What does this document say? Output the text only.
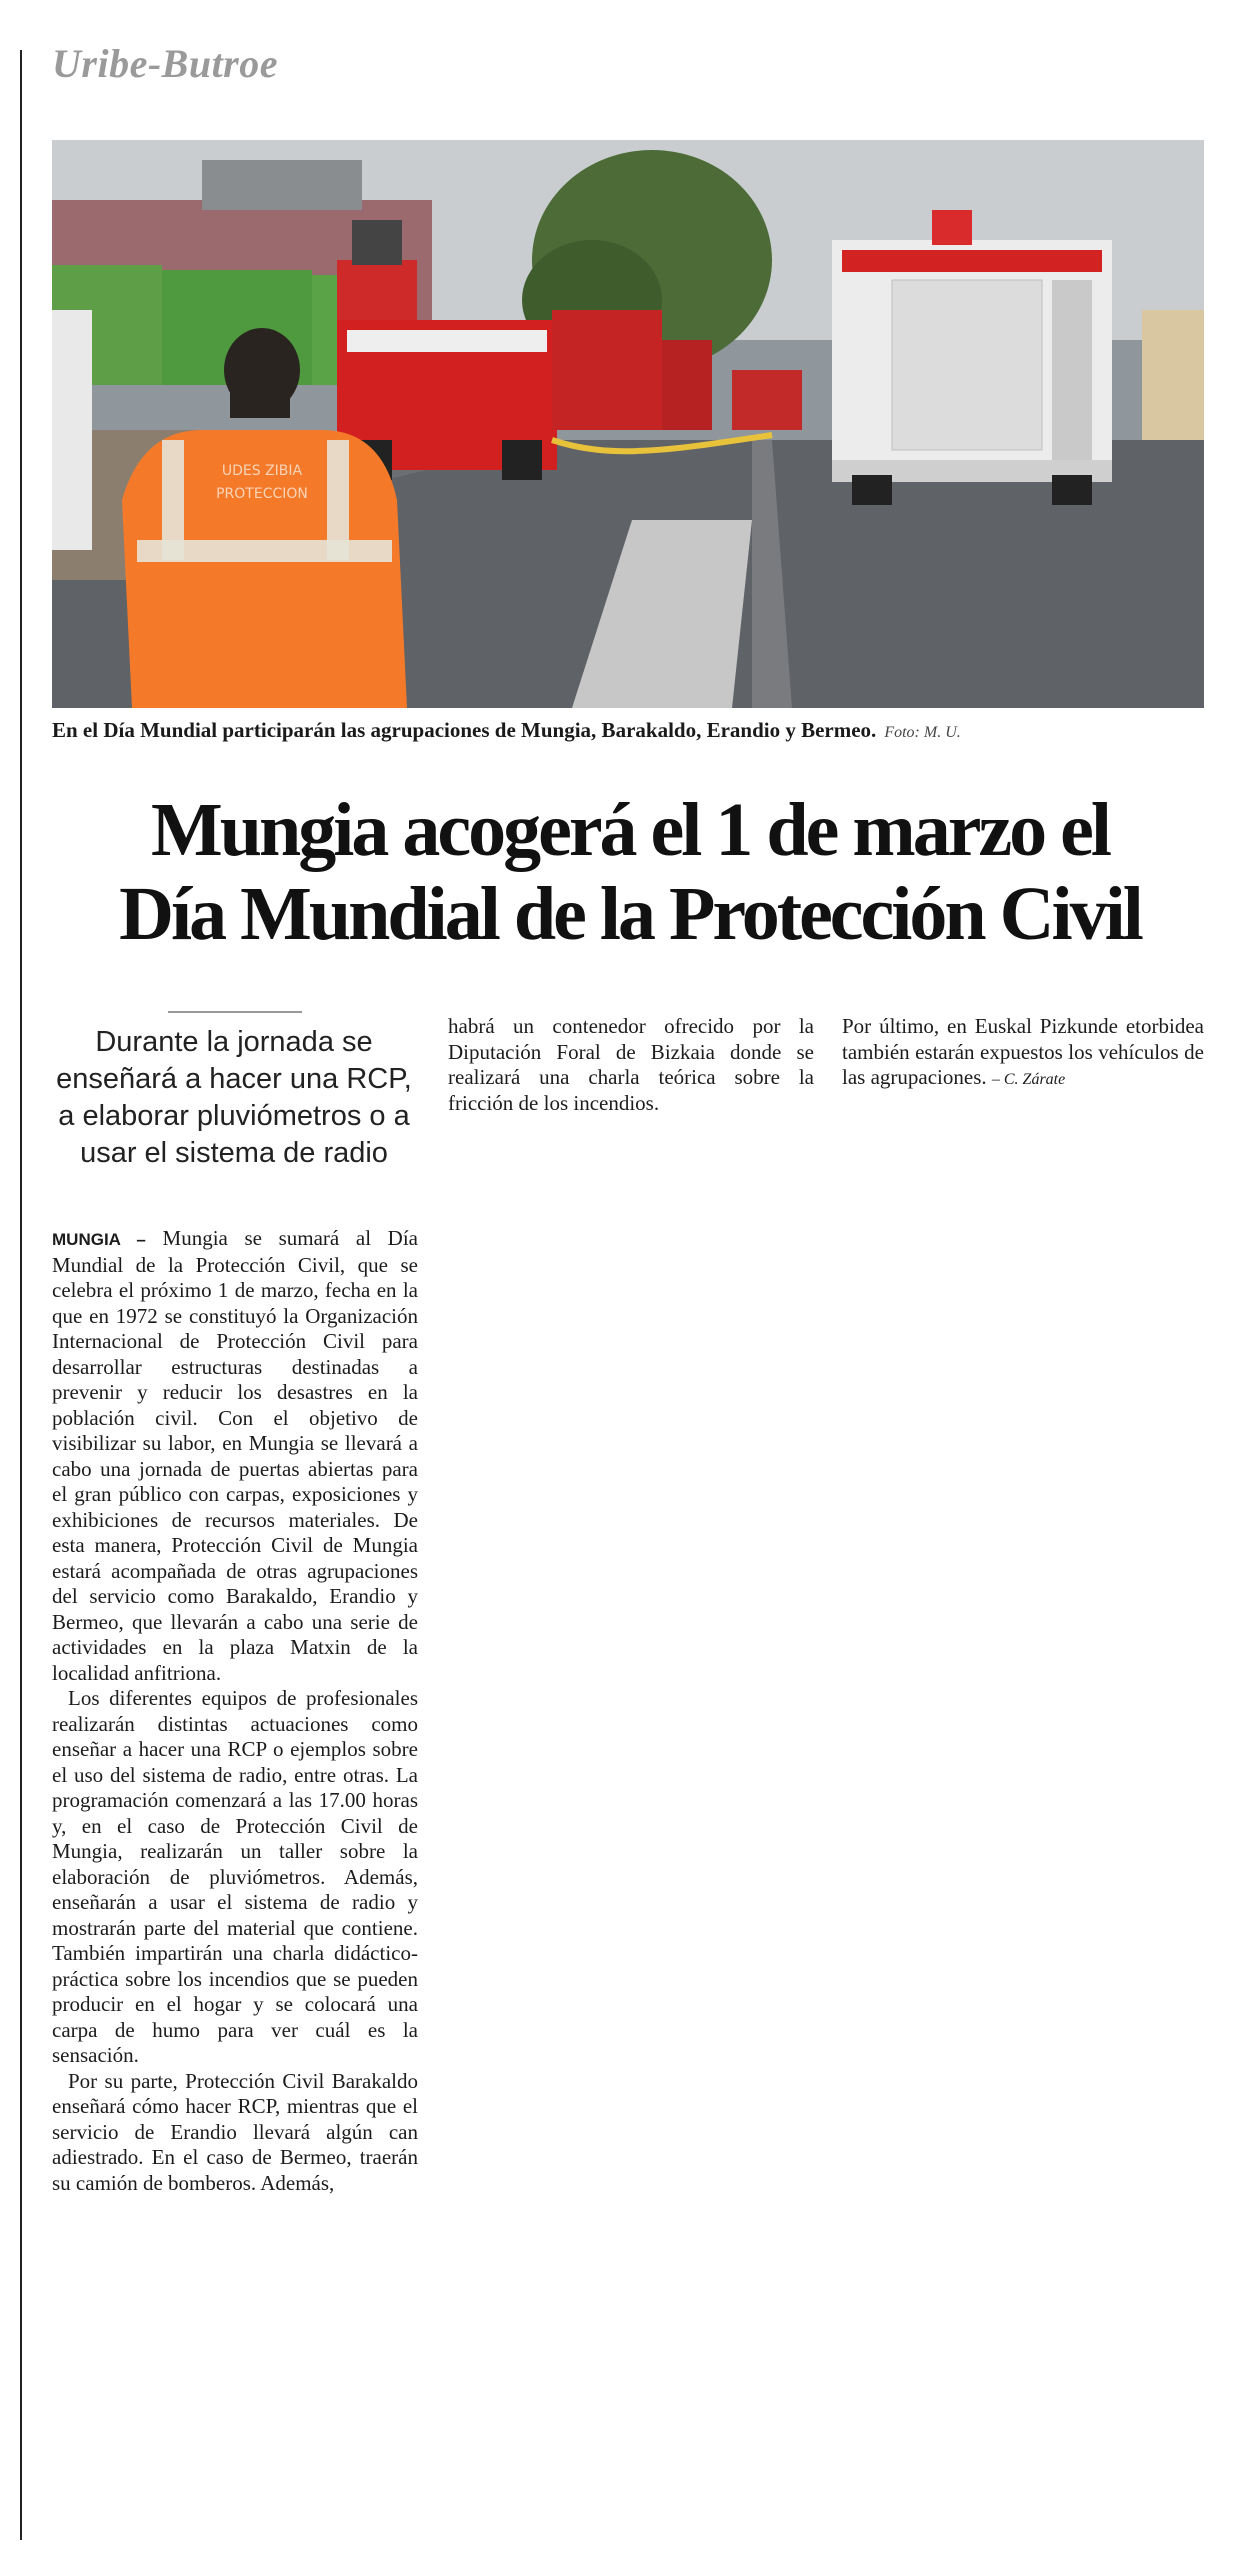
Uribe-Butroe
UDES ZIBIA
PROTECCION
En el Día Mundial participarán las agrupaciones de Mungia, Barakaldo, Erandio y Bermeo. Foto: M. U.
Mungia acogerá el 1 de marzo el
Día Mundial de la Protección Civil
Durante la jornada se enseñará a hacer una RCP, a elaborar pluviómetros o a usar el sistema de radio

MUNGIA – Mungia se sumará al Día Mundial de la Protección Civil, que se celebra el próximo 1 de marzo, fecha en la que en 1972 se constituyó la Organización Internacional de Protección Civil para desarrollar estructuras destinadas a prevenir y reducir los desastres en la población civil. Con el objetivo de visibilizar su labor, en Mungia se llevará a cabo una jornada de puertas abiertas para el gran público con carpas, exposiciones y exhibiciones de recursos materiales. De esta manera, Protección Civil de Mungia estará acompañada de otras agrupaciones del servicio como Barakaldo, Erandio y Bermeo, que llevarán a cabo una serie de actividades en la plaza Matxin de la localidad anfitriona.

Los diferentes equipos de profesionales realizarán distintas actuaciones como enseñar a hacer una RCP o ejemplos sobre el uso del sistema de radio, entre otras. La programación comenzará a las 17.00 horas y, en el caso de Protección Civil de Mungia, realizarán un taller sobre la elaboración de pluviómetros. Además, enseñarán a usar el sistema de radio y mostrarán parte del material que contiene. También impartirán una charla didáctico-práctica sobre los incendios que se pueden producir en el hogar y se colocará una carpa de humo para ver cuál es la sensación.

Por su parte, Protección Civil Barakaldo enseñará cómo hacer RCP, mientras que el servicio de Erandio llevará algún can adiestrado. En el caso de Bermeo, traerán su camión de bomberos. Además,

habrá un contenedor ofrecido por la Diputación Foral de Bizkaia donde se realizará una charla teórica sobre la fricción de los incendios.

Por último, en Euskal Pizkunde etorbidea también estarán expuestos los vehículos de las agrupaciones. – C. Zárate
